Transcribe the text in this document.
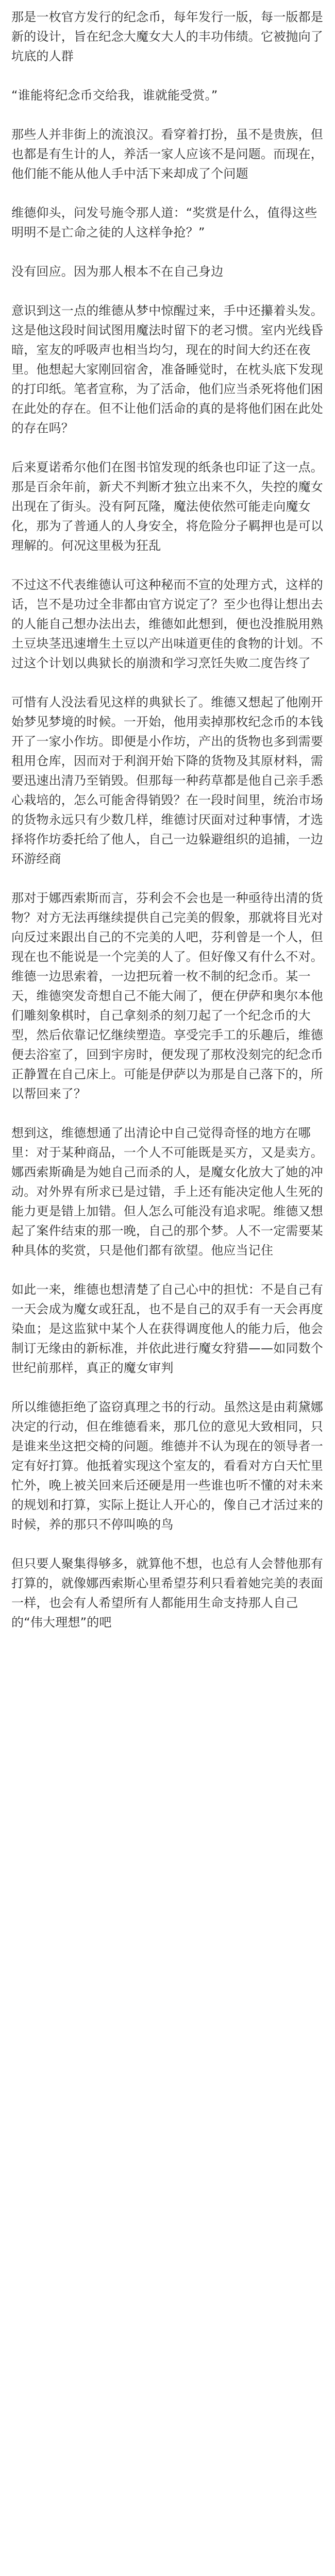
那是一枚官方发行的纪念币，每年发行一版，每一版都是新的设计，旨在纪念大魔女大人的丰功伟绩。它被抛向了坑底的人群

“谁能将纪念币交给我，谁就能受赏。”

那些人并非街上的流浪汉。看穿着打扮，虽不是贵族，但也都是有生计的人，养活一家人应该不是问题。而现在，他们能不能从他人手中活下来却成了个问题

维德仰头，问发号施令那人道：“奖赏是什么，值得这些明明不是亡命之徒的人这样争抢？”

没有回应。因为那人根本不在自己身边

意识到这一点的维德从梦中惊醒过来，手中还攥着头发。这是他这段时间试图用魔法时留下的老习惯。室内光线昏暗，室友的呼吸声也相当均匀，现在的时间大约还在夜里。他想起大家刚回宿舍，准备睡觉时，在枕头底下发现的打印纸。笔者宣称，为了活命，他们应当杀死将他们困在此处的存在。但不让他们活命的真的是将他们困在此处的存在吗？

后来夏诺希尔他们在图书馆发现的纸条也印证了这一点。那是百余年前，新犬不判断才独立出来不久，失控的魔女出现在了街头。没有阿瓦隆，魔法使依然可能走向魔女化，那为了普通人的人身安全，将危险分子羁押也是可以理解的。何况这里极为狂乱

不过这不代表维德认可这种秘而不宣的处理方式，这样的话，岂不是功过全非都由官方说定了？至少也得让想出去的人能自己想办法出去，维德如此想到，便也没推脱用熟土豆块茎迅速增生土豆以产出味道更佳的食物的计划。不过这个计划以典狱长的崩溃和学习烹饪失败二度告终了

可惜有人没法看见这样的典狱长了。维德又想起了他刚开始梦见梦境的时候。一开始，他用卖掉那枚纪念币的本钱开了一家小作坊。即便是小作坊，产出的货物也多到需要租用仓库，因而对于利润开始下降的货物及其原材料，需要迅速出清乃至销毁。但那每一种药草都是他自己亲手悉心栽培的，怎么可能舍得销毁？在一段时间里，统治市场的货物永远只有少数几样，维德讨厌面对过种事情，才选择将作坊委托给了他人，自己一边躲避组织的追捕，一边环游经商

那对于娜西索斯而言，芬利会不会也是一种亟待出清的货物？对方无法再继续提供自己完美的假象，那就将目光对向反过来跟出自己的不完美的人吧，芬利曾是一个人，但现在也不能说是一个完美的人了。但好像又有什么不对。维德一边思索着，一边把玩着一枚不制的纪念币。某一天，维德突发奇想自己不能大闹了，便在伊萨和奥尔本他们雕刻象棋时，自己拿刻杀的刻刀起了一个纪念币的大型，然后依靠记忆继续塑造。享受完手工的乐趣后，维德便去浴室了，回到宇房时，便发现了那枚没刻完的纪念币正静置在自己床上。可能是伊萨以为那是自己落下的，所以帮回来了？

想到这，维德想通了出清论中自己觉得奇怪的地方在哪里：对于某种商品，一个人不可能既是买方，又是卖方。娜西索斯确是为她自己而杀的人，是魔女化放大了她的冲动。对外界有所求已是过错，手上还有能决定他人生死的能力更是错上加错。但人怎么可能没有追求呢。维德又想起了案件结束的那一晚，自己的那个梦。人不一定需要某种具体的奖赏，只是他们都有欲望。他应当记住

如此一来，维德也想清楚了自己心中的担忧：不是自己有一天会成为魔女或狂乱，也不是自己的双手有一天会再度染血；是这监狱中某个人在获得调度他人的能力后，他会制订无缘由的新标准，并依此进行魔女狩猎——如同数个世纪前那样，真正的魔女审判

所以维德拒绝了盗窃真理之书的行动。虽然这是由莉黛娜决定的行动，但在维德看来，那几位的意见大致相同，只是谁来坐这把交椅的问题。维德并不认为现在的领导者一定有好打算。他抵着实现这个室友的，看看对方白天忙里忙外，晚上被关回来后还硬是用一些谁也听不懂的对未来的规划和打算，实际上挺让人开心的，像自己才活过来的时候，养的那只不停叫唤的鸟

但只要人聚集得够多，就算他不想，也总有人会替他那有打算的，就像娜西索斯心里希望芬利只看着她完美的表面一样，也会有人希望所有人都能用生命支持那人自己的“伟大理想”的吧
